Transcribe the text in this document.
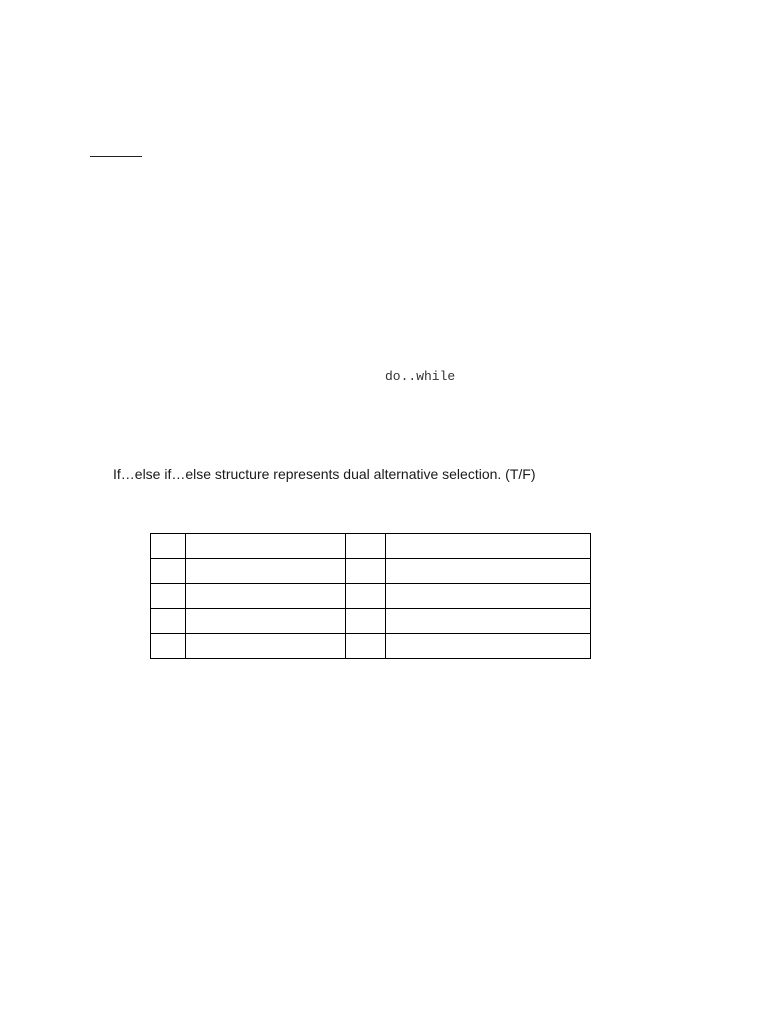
do..while
If…else if…else structure represents dual alternative selection. (T/F)
